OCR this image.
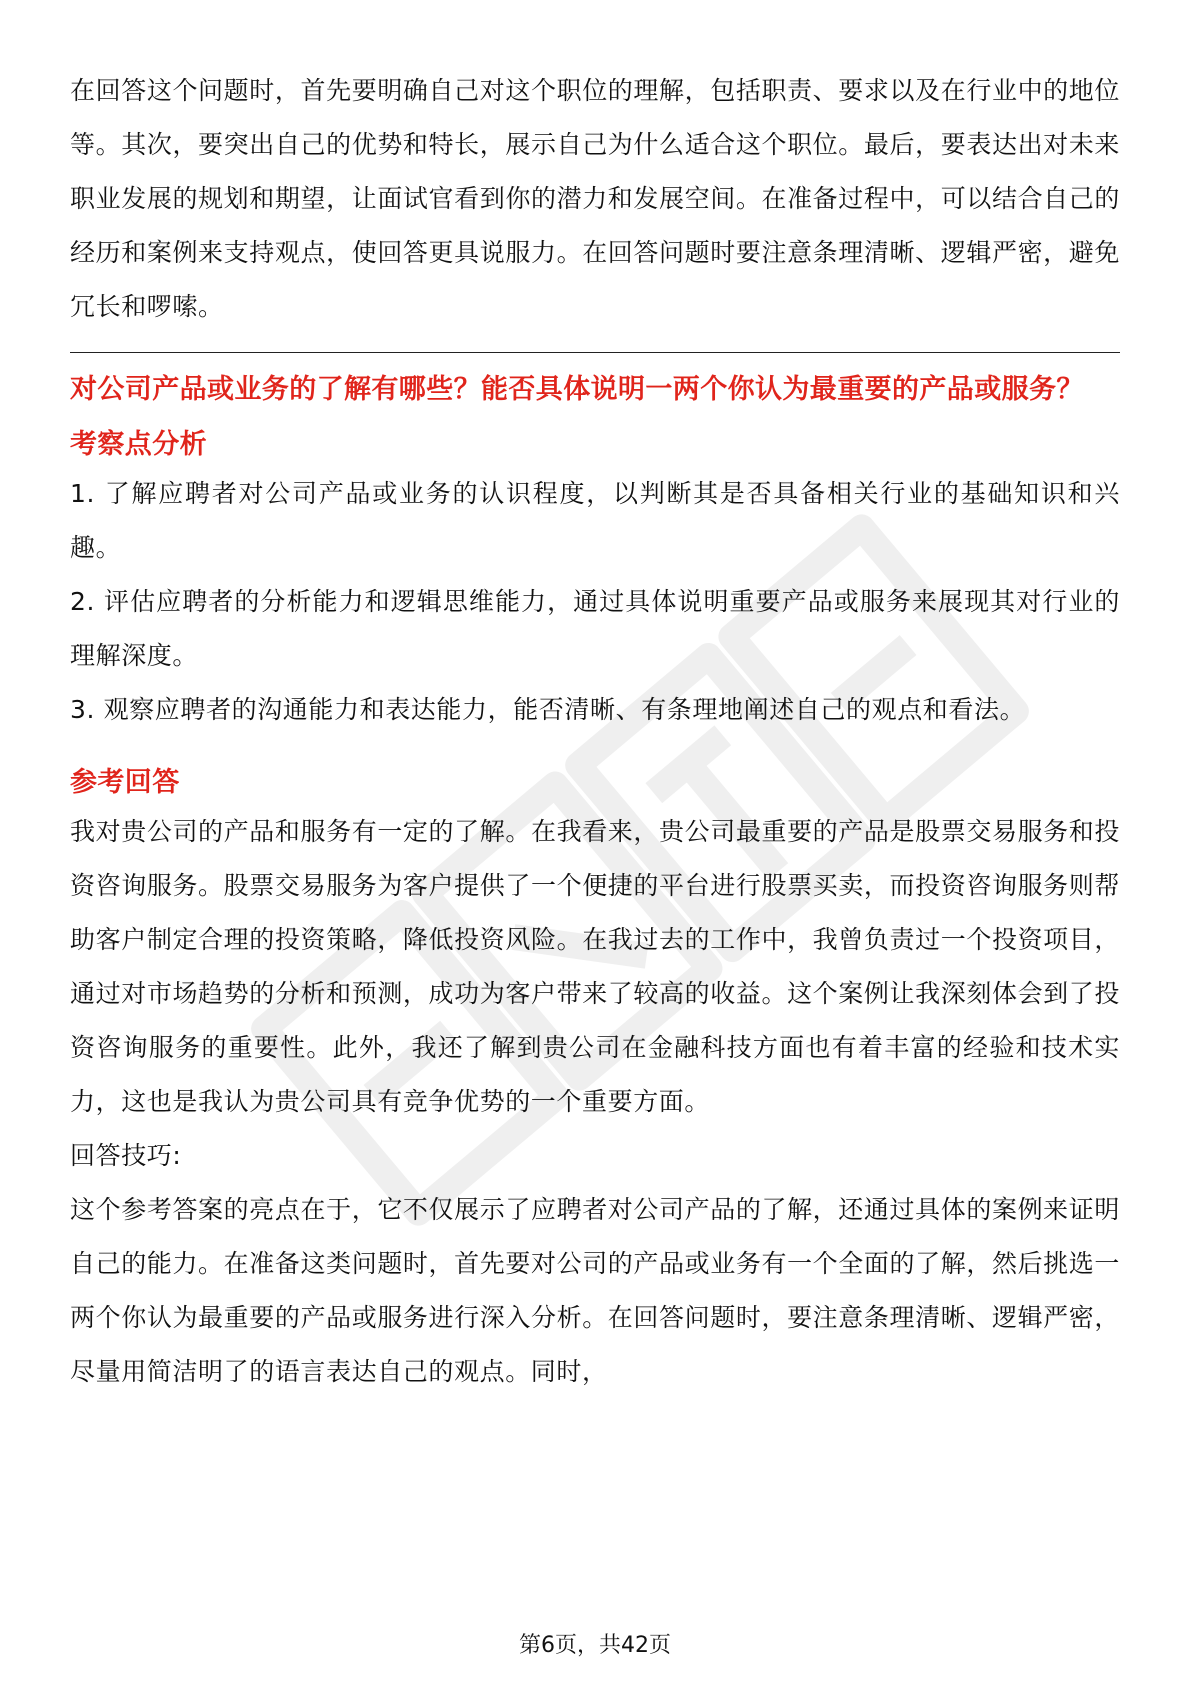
在回答这个问题时，首先要明确自己对这个职位的理解，包括职责、要求以及在行业中的地位等。其次，要突出自己的优势和特长，展示自己为什么适合这个职位。最后，要表达出对未来职业发展的规划和期望，让面试官看到你的潜力和发展空间。在准备过程中，可以结合自己的经历和案例来支持观点，使回答更具说服力。在回答问题时要注意条理清晰、逻辑严密，避免冗长和啰嗦。

对公司产品或业务的了解有哪些？能否具体说明一两个你认为最重要的产品或服务？

考察点分析

1. 了解应聘者对公司产品或业务的认识程度，以判断其是否具备相关行业的基础知识和兴趣。

2. 评估应聘者的分析能力和逻辑思维能力，通过具体说明重要产品或服务来展现其对行业的理解深度。

3. 观察应聘者的沟通能力和表达能力，能否清晰、有条理地阐述自己的观点和看法。

参考回答

我对贵公司的产品和服务有一定的了解。在我看来，贵公司最重要的产品是股票交易服务和投资咨询服务。股票交易服务为客户提供了一个便捷的平台进行股票买卖，而投资咨询服务则帮助客户制定合理的投资策略，降低投资风险。在我过去的工作中，我曾负责过一个投资项目，通过对市场趋势的分析和预测，成功为客户带来了较高的收益。这个案例让我深刻体会到了投资咨询服务的重要性。此外，我还了解到贵公司在金融科技方面也有着丰富的经验和技术实力，这也是我认为贵公司具有竞争优势的一个重要方面。

回答技巧:

这个参考答案的亮点在于，它不仅展示了应聘者对公司产品的了解，还通过具体的案例来证明自己的能力。在准备这类问题时，首先要对公司的产品或业务有一个全面的了解，然后挑选一两个你认为最重要的产品或服务进行深入分析。在回答问题时，要注意条理清晰、逻辑严密，尽量用简洁明了的语言表达自己的观点。同时，

第6页，共42页
